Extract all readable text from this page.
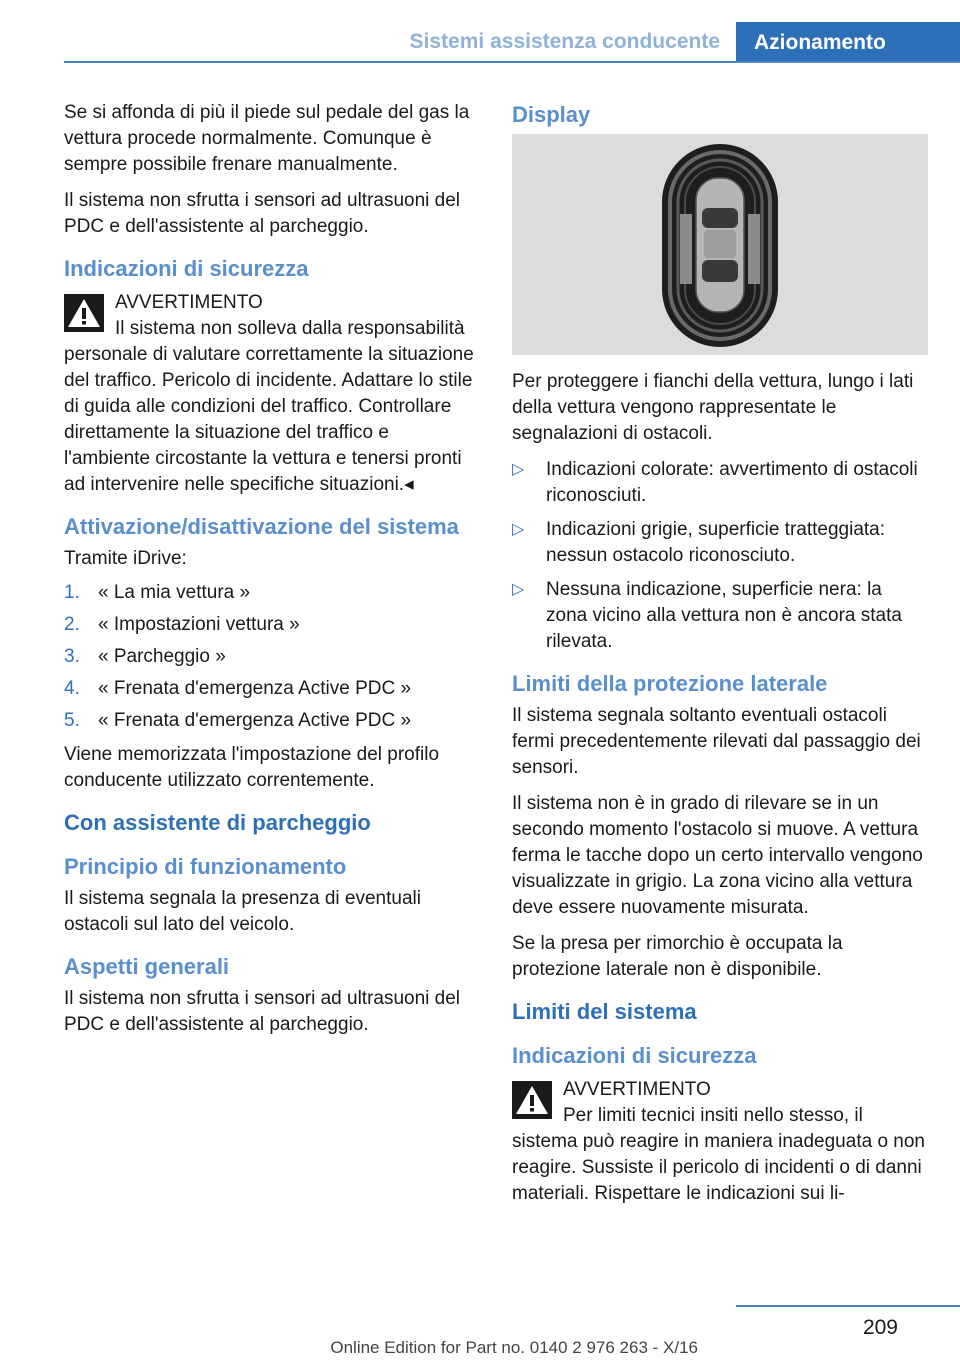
Sistemi assistenza conducente	Azionamento

Se si affonda di più il piede sul pedale del gas la vettura procede normalmente. Comunque è sempre possibile frenare manualmente.

Il sistema non sfrutta i sensori ad ultrasuoni del PDC e dell'assistente al parcheggio.

Indicazioni di sicurezza
AVVERTIMENTO
Il sistema non solleva dalla responsabilità personale di valutare correttamente la situazione del traffico. Pericolo di incidente. Adattare lo stile di guida alle condizioni del traffico. Controllare direttamente la situazione del traffico e l'ambiente circostante la vettura e tenersi pronti ad intervenire nelle specifiche situazioni.◂
Attivazione/disattivazione del sistema

Tramite iDrive:

1. « La mia vettura »
2. « Impostazioni vettura »
3. « Parcheggio »
4. « Frenata d'emergenza Active PDC »
5. « Frenata d'emergenza Active PDC »

Viene memorizzata l'impostazione del profilo conducente utilizzato correntemente.

Con assistente di parcheggio
Principio di funzionamento

Il sistema segnala la presenza di eventuali ostacoli sul lato del veicolo.

Aspetti generali

Il sistema non sfrutta i sensori ad ultrasuoni del PDC e dell'assistente al parcheggio.

Display

Per proteggere i fianchi della vettura, lungo i lati della vettura vengono rappresentate le segnalazioni di ostacoli.

▷ Indicazioni colorate: avvertimento di ostacoli riconosciuti.
▷ Indicazioni grigie, superficie tratteggiata: nessun ostacolo riconosciuto.
▷ Nessuna indicazione, superficie nera: la zona vicino alla vettura non è ancora stata rilevata.
Limiti della protezione laterale

Il sistema segnala soltanto eventuali ostacoli fermi precedentemente rilevati dal passaggio dei sensori.

Il sistema non è in grado di rilevare se in un secondo momento l'ostacolo si muove. A vettura ferma le tacche dopo un certo intervallo vengono visualizzate in grigio. La zona vicino alla vettura deve essere nuovamente misurata.

Se la presa per rimorchio è occupata la protezione laterale non è disponibile.

Limiti del sistema
Indicazioni di sicurezza
AVVERTIMENTO
Per limiti tecnici insiti nello stesso, il sistema può reagire in maniera inadeguata o non reagire. Sussiste il pericolo di incidenti o di danni materiali. Rispettare le indicazioni sui li-
209
Online Edition for Part no. 0140 2 976 263 - X/16
